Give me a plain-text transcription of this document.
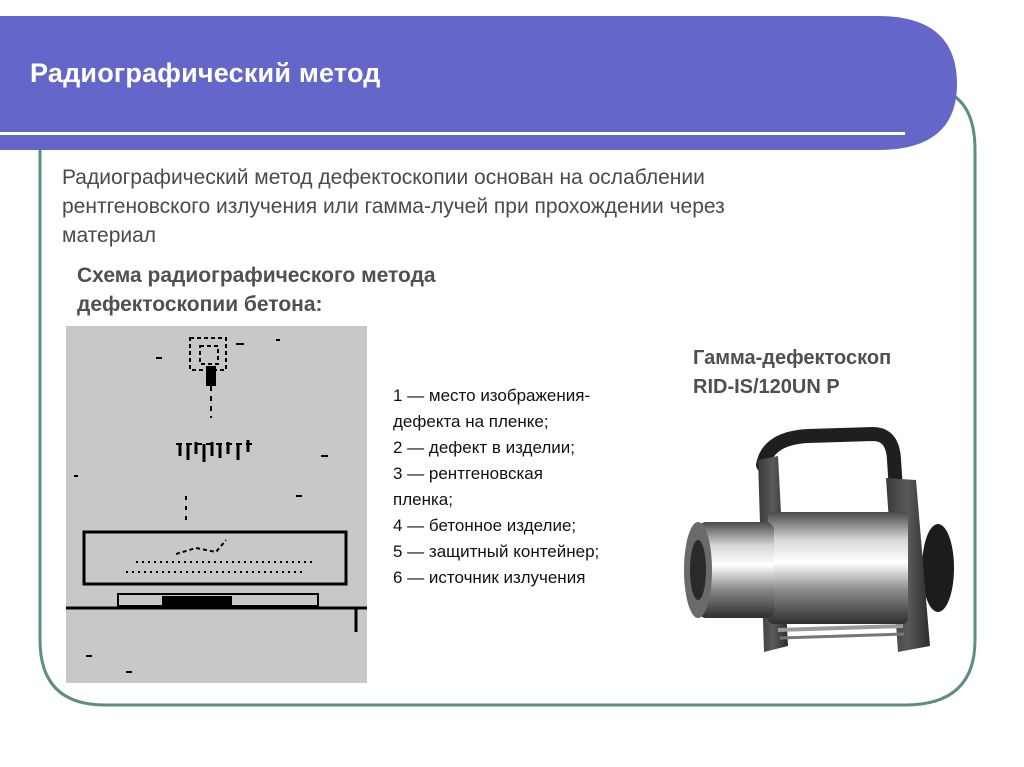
Радиографический метод
Радиографический метод дефектоскопии основан на ослаблении
рентгеновского излучения или гамма-лучей при прохождении через
материал
Схема радиографического метода
дефектоскопии бетона:
1 — место изображения-
дефекта на пленке;
2 — дефект в изделии;
3 — рентгеновская
пленка;
4 — бетонное изделие;
5 — защитный контейнер;
6 — источник излучения
Гамма-дефектоскоп
RID-IS/120UN Р
